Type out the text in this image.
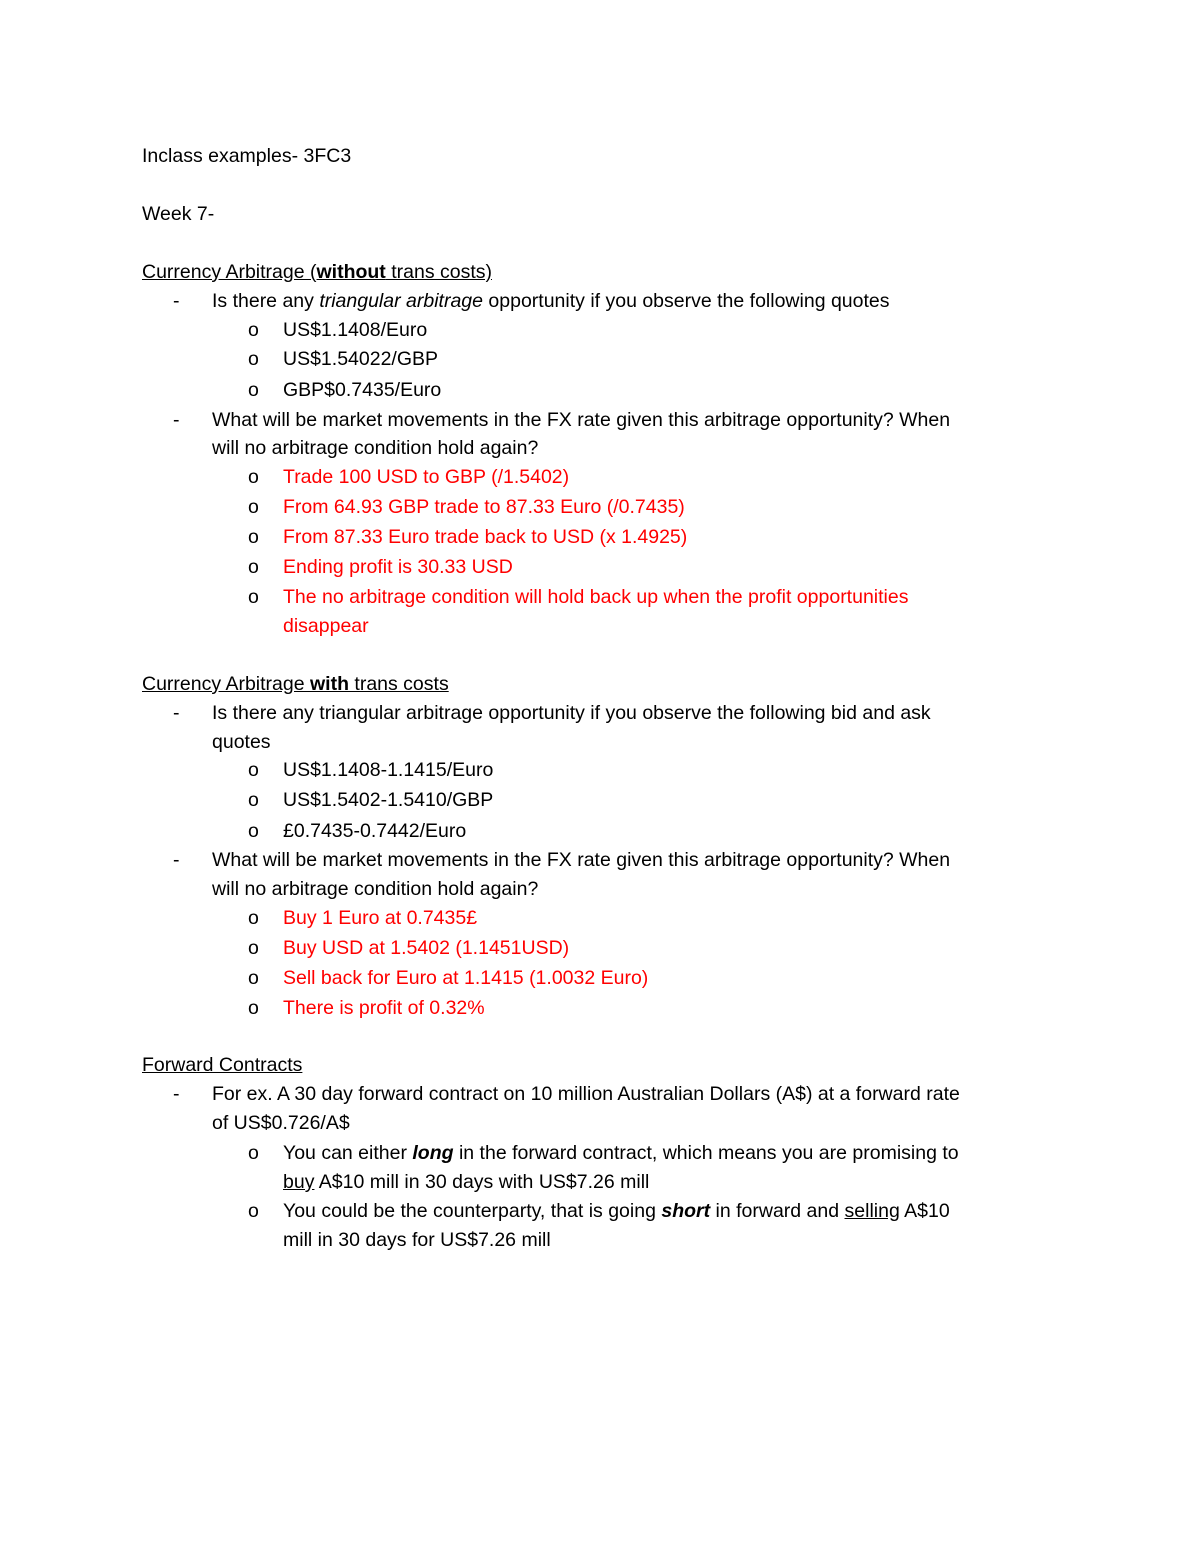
Inclass examples- 3FC3
Week 7-
Currency Arbitrage (without trans costs)
- Is there any triangular arbitrage opportunity if you observe the following quotes
o US$1.1408/Euro
o US$1.54022/GBP
o GBP$0.7435/Euro
- What will be market movements in the FX rate given this arbitrage opportunity? When
will no arbitrage condition hold again?
o Trade 100 USD to GBP (/1.5402)
o From 64.93 GBP trade to 87.33 Euro (/0.7435)
o From 87.33 Euro trade back to USD (x 1.4925)
o Ending profit is 30.33 USD
o The no arbitrage condition will hold back up when the profit opportunities
disappear
Currency Arbitrage with trans costs
- Is there any triangular arbitrage opportunity if you observe the following bid and ask
quotes
o US$1.1408-1.1415/Euro
o US$1.5402-1.5410/GBP
o £0.7435-0.7442/Euro
- What will be market movements in the FX rate given this arbitrage opportunity? When
will no arbitrage condition hold again?
o Buy 1 Euro at 0.7435£
o Buy USD at 1.5402 (1.1451USD)
o Sell back for Euro at 1.1415 (1.0032 Euro)
o There is profit of 0.32%
Forward Contracts
- For ex. A 30 day forward contract on 10 million Australian Dollars (A$) at a forward rate
of US$0.726/A$
o You can either long in the forward contract, which means you are promising to
buy A$10 mill in 30 days with US$7.26 mill
o You could be the counterparty, that is going short in forward and selling A$10
mill in 30 days for US$7.26 mill
